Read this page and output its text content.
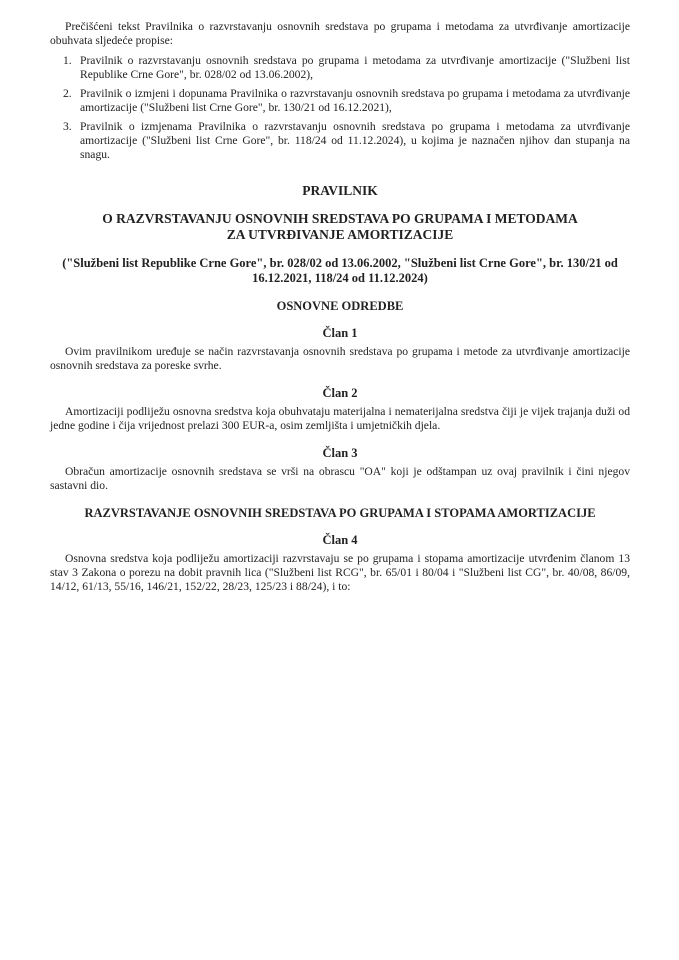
Prečišćeni tekst Pravilnika o razvrstavanju osnovnih sredstava po grupama i metodama za utvrđivanje amortizacije obuhvata sljedeće propise:

1. Pravilnik o razvrstavanju osnovnih sredstava po grupama i metodama za utvrđivanje amortizacije ("Službeni list Republike Crne Gore", br. 028/02 od 13.06.2002),
2. Pravilnik o izmjeni i dopunama Pravilnika o razvrstavanju osnovnih sredstava po grupama i metodama za utvrđivanje amortizacije ("Službeni list Crne Gore", br. 130/21 od 16.12.2021),
3. Pravilnik o izmjenama Pravilnika o razvrstavanju osnovnih sredstava po grupama i metodama za utvrđivanje amortizacije ("Službeni list Crne Gore", br. 118/24 od 11.12.2024), u kojima je naznačen njihov dan stupanja na snagu.

PRAVILNIK

O RAZVRSTAVANJU OSNOVNIH SREDSTAVA PO GRUPAMA I METODAMA
ZA UTVRĐIVANJE AMORTIZACIJE

("Službeni list Republike Crne Gore", br. 028/02 od 13.06.2002, "Službeni list Crne Gore", br. 130/21 od 16.12.2021, 118/24 od 11.12.2024)

OSNOVNE ODREDBE

Član 1

Ovim pravilnikom uređuje se način razvrstavanja osnovnih sredstava po grupama i metode za utvrđivanje amortizacije osnovnih sredstava za poreske svrhe.

Član 2

Amortizaciji podliježu osnovna sredstva koja obuhvataju materijalna i nematerijalna sredstva čiji je vijek trajanja duži od jedne godine i čija vrijednost prelazi 300 EUR-a, osim zemljišta i umjetničkih djela.

Član 3

Obračun amortizacije osnovnih sredstava se vrši na obrascu "OA" koji je odštampan uz ovaj pravilnik i čini njegov sastavni dio.

RAZVRSTAVANJE OSNOVNIH SREDSTAVA PO GRUPAMA I STOPAMA AMORTIZACIJE

Član 4

Osnovna sredstva koja podliježu amortizaciji razvrstavaju se po grupama i stopama amortizacije utvrđenim članom 13 stav 3 Zakona o porezu na dobit pravnih lica ("Službeni list RCG", br. 65/01 i 80/04 i "Službeni list CG", br. 40/08, 86/09, 14/12, 61/13, 55/16, 146/21, 152/22, 28/23, 125/23 i 88/24), i to:
